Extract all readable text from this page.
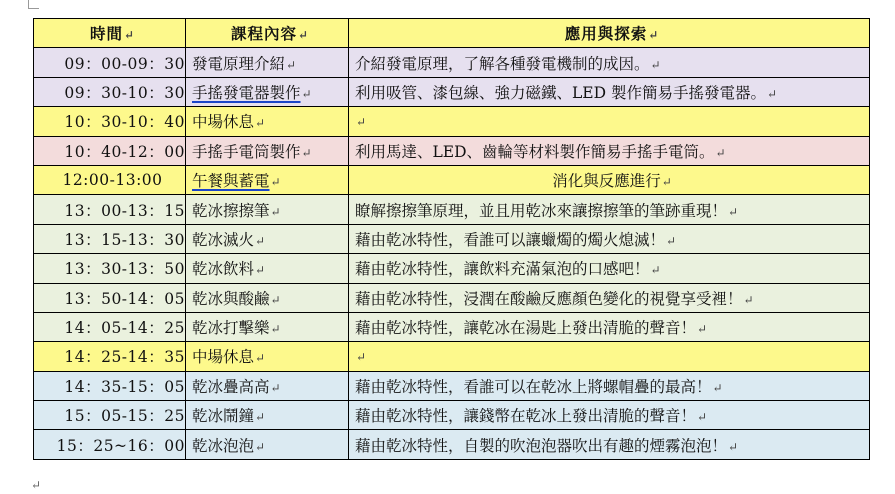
時間↵	課程內容↵	應用與探索↵
09：00-09：30	發電原理介紹↵	介紹發電原理，了解各種發電機制的成因。↵
09：30-10：30	手搖發電器製作↵	利用吸管、漆包線、強力磁鐵、LED 製作簡易手搖發電器。↵
10：30-10：40	中場休息↵	↵
10：40-12：00	手搖手電筒製作↵	利用馬達、LED、齒輪等材料製作簡易手搖手電筒。↵
12:00-13:00	午餐與蓄電↵	消化與反應進行↵
13：00-13：15	乾冰擦擦筆↵	瞭解擦擦筆原理，並且用乾冰來讓擦擦筆的筆跡重現！↵
13：15-13：30	乾冰滅火↵	藉由乾冰特性，看誰可以讓蠟燭的燭火熄滅！↵
13：30-13：50	乾冰飲料↵	藉由乾冰特性，讓飲料充滿氣泡的口感吧！↵
13：50-14：05	乾冰與酸鹼↵	藉由乾冰特性，浸潤在酸鹼反應顏色變化的視覺享受裡！↵
14：05-14：25	乾冰打擊樂↵	藉由乾冰特性，讓乾冰在湯匙上發出清脆的聲音！↵
14：25-14：35	中場休息↵	↵
14：35-15：05	乾冰疊高高↵	藉由乾冰特性，看誰可以在乾冰上將螺帽疊的最高！↵
15：05-15：25	乾冰鬧鐘↵	藉由乾冰特性，讓錢幣在乾冰上發出清脆的聲音！↵
15：25~16：00	乾冰泡泡↵	藉由乾冰特性，自製的吹泡泡器吹出有趣的煙霧泡泡！↵
↵
